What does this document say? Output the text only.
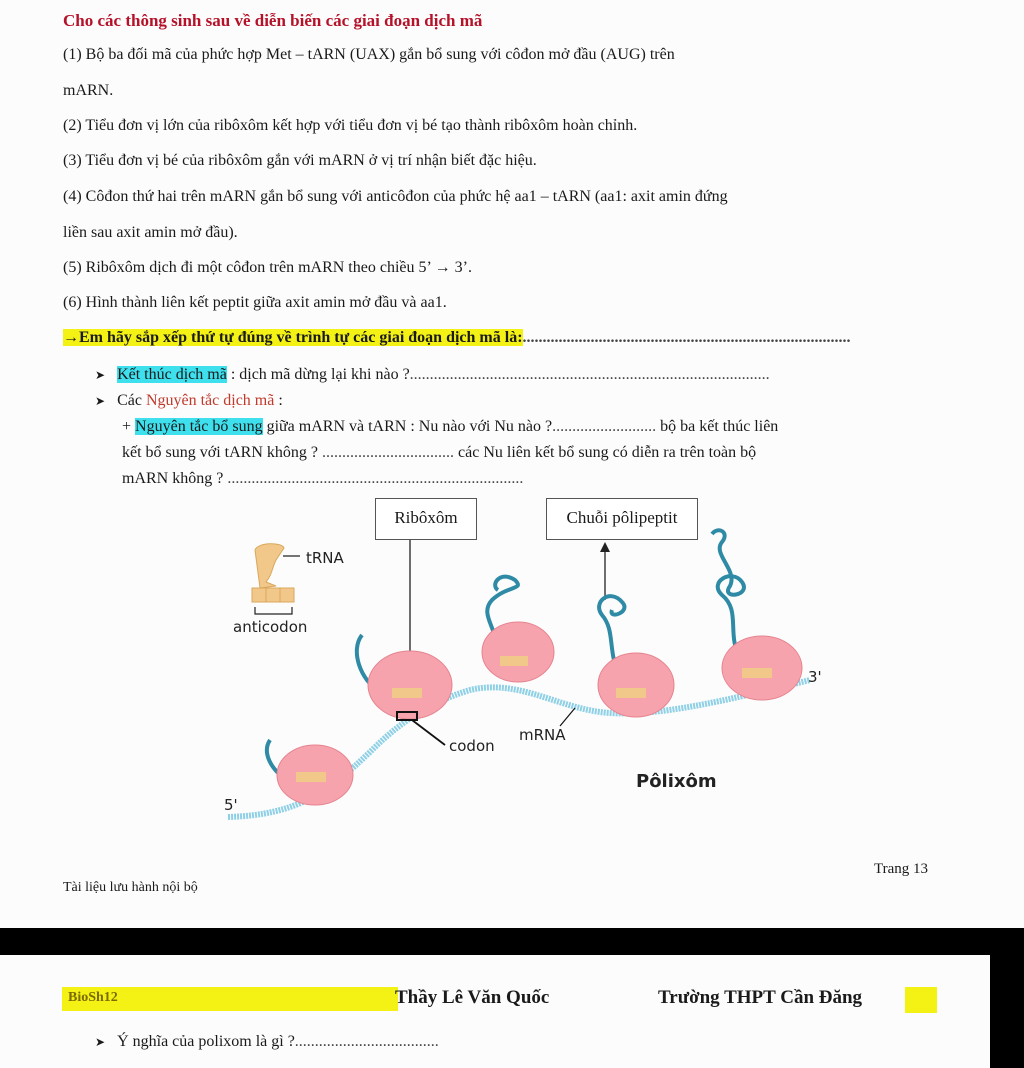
Cho các thông sinh sau về diễn biến các giai đoạn dịch mã
(1) Bộ ba đối mã của phức hợp Met – tARN (UAX) gắn bổ sung với côđon mở đầu (AUG) trên
mARN.
(2) Tiểu đơn vị lớn của ribôxôm kết hợp với tiểu đơn vị bé tạo thành ribôxôm hoàn chỉnh.
(3) Tiểu đơn vị bé của ribôxôm gắn với mARN ở vị trí nhận biết đặc hiệu.
(4) Côđon thứ hai trên mARN gắn bổ sung với anticôđon của phức hệ aa1 – tARN (aa1: axit amin đứng
liền sau axit amin mở đầu).
(5) Ribôxôm dịch đi một côđon trên mARN theo chiều 5’ → 3’.
(6) Hình thành liên kết peptit giữa axit amin mở đầu và aa1.
→Em hãy sắp xếp thứ tự đúng về trình tự các giai đoạn dịch mã là:..................................................................................
➤ Kết thúc dịch mã : dịch mã dừng lại khi nào ?..........................................................................................
➤ Các Nguyên tắc dịch mã :
+ Nguyên tắc bổ sung giữa mARN và tARN : Nu nào với Nu nào ?.......................... bộ ba kết thúc liên
kết bổ sung với tARN không ? ................................. các Nu liên kết bổ sung có diễn ra trên toàn bộ
mARN không ? ..........................................................................
Ribôxôm	Chuỗi pôlipeptit
tRNA
anticodon
codon
mRNA
3'
5'
Pôlixôm
Tài liệu lưu hành nội bộ
Trang 13
BioSh12	Thầy Lê Văn Quốc	Trường THPT Cần Đăng
➤ Ý nghĩa của polixom là gì ?....................................
